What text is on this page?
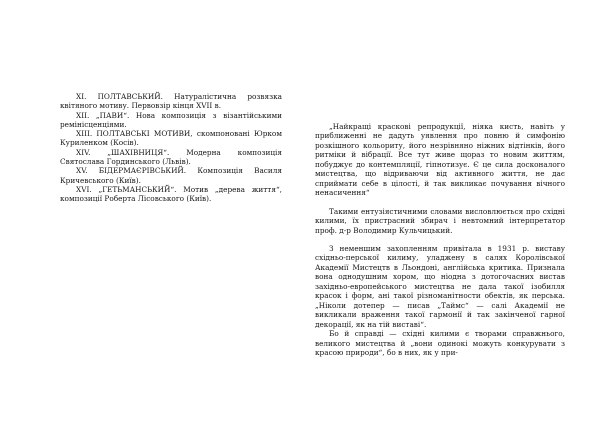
XI. ПОЛТАВСЬКИЙ. Натуралістична розвязка квітяного мотиву. Первовзір кінця XVII в.

XII. „ПАВИ“. Нова композиція з візантійськими ремінісценціями.

XIII. ПОЛТАВСЬКІ МОТИВИ, скомпоновані Юрком Куриленком (Косів).

XIV. „ШАХІВНИЦЯ“. Модерна композиція Святослава Гординського (Львів).

XV. БІДЕРМАЄРІВСЬКИЙ. Композиція Василя Кричевського (Київ).

XVI. „ГЕТЬМАНСЬКИЙ“. Мотив „дерева життя“, композиції Роберта Лісовського (Київ).

„Найкращі краскові репродукції, ніяка кисть, навіть у приближенні не дадуть уявлення про повню й симфонію розкішного кольориту, його незрівняно ніжних відтінків, його ритміки й вібрації. Все тут живе щораз то новим життям, побуджує до контемпляції, гіпнотизує. Є це сила досконалого мистецтва, що відриваючи від активного життя, не дає сприймати себе в цілості, й так викликає почування вічного ненасичення“

Такими ентузіястичними словами висловлюється про східні килими, їх пристрасний збирач і невтомний інтерпретатор проф. д-р Володимир Кульчицький.

З неменшим захопленням привітала в 1931 р. виставу східньо-перської килиму, уладжену в салях Королівської Академії Мистецтв в Льондоні, англійська критика. Признала вона однодушним хором, що ніодна з дотогочасних вистав західньо-европейського мистецтва не дала такої ізобилля красок і форм, ані такої різноманітности обектів, як перська. „Ніколи дотепер — писав „Таймс“ — салі Академії не викликали враження такої гармонії й так закінченої гарної декорації, як на тій виставі“.

Бо й справді — східні килими є творами справжнього, великого мистецтва й „вони одинокі можуть конкурувати з красою природи“, бо в них, як у при-
